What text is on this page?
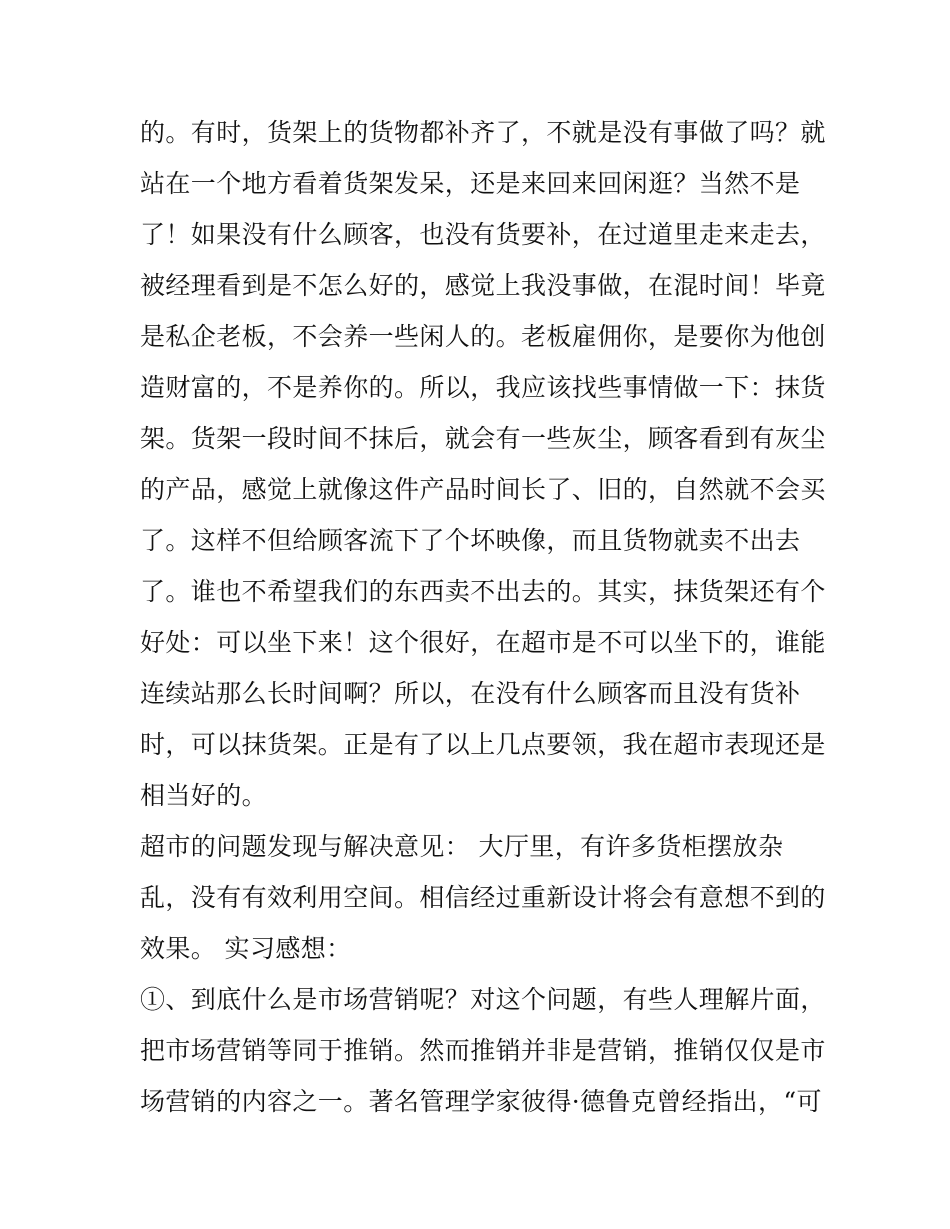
的。有时，货架上的货物都补齐了，不就是没有事做了吗？就
站在一个地方看着货架发呆，还是来回来回闲逛？当然不是
了！如果没有什么顾客，也没有货要补，在过道里走来走去，
被经理看到是不怎么好的，感觉上我没事做，在混时间！毕竟
是私企老板，不会养一些闲人的。老板雇佣你，是要你为他创
造财富的，不是养你的。所以，我应该找些事情做一下：抹货
架。货架一段时间不抹后，就会有一些灰尘，顾客看到有灰尘
的产品，感觉上就像这件产品时间长了、旧的，自然就不会买
了。这样不但给顾客流下了个坏映像，而且货物就卖不出去
了。谁也不希望我们的东西卖不出去的。其实，抹货架还有个
好处：可以坐下来！这个很好，在超市是不可以坐下的，谁能
连续站那么长时间啊？所以，在没有什么顾客而且没有货补
时，可以抹货架。正是有了以上几点要领，我在超市表现还是
相当好的。
超市的问题发现与解决意见： 大厅里，有许多货柜摆放杂
乱，没有有效利用空间。相信经过重新设计将会有意想不到的
效果。 实习感想：
①、到底什么是市场营销呢？对这个问题，有些人理解片面，
把市场营销等同于推销。然而推销并非是营销，推销仅仅是市
场营销的内容之一。著名管理学家彼得·德鲁克曾经指出，“可
